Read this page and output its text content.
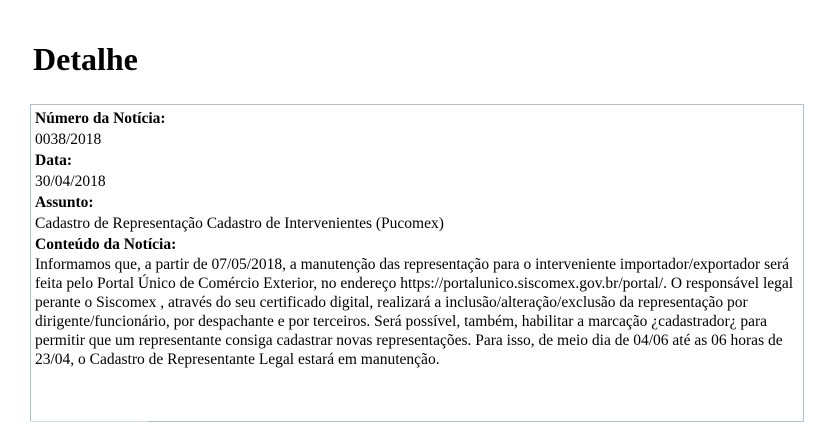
Detalhe
Número da Notícia:
0038/2018
Data:
30/04/2018
Assunto:
Cadastro de Representação Cadastro de Intervenientes (Pucomex)
Conteúdo da Notícia:
Informamos que, a partir de 07/05/2018, a manutenção das representação para o interveniente importador/exportador será feita pelo Portal Único de Comércio Exterior, no endereço https://portalunico.siscomex.gov.br/portal/. O responsável legal perante o Siscomex , através do seu certificado digital, realizará a inclusão/alteração/exclusão da representação por dirigente/funcionário, por despachante e por terceiros. Será possível, também, habilitar a marcação ¿cadastrador¿ para permitir que um representante consiga cadastrar novas representações. Para isso, de meio dia de 04/06 até as 06 horas de 23/04, o Cadastro de Representante Legal estará em manutenção.
